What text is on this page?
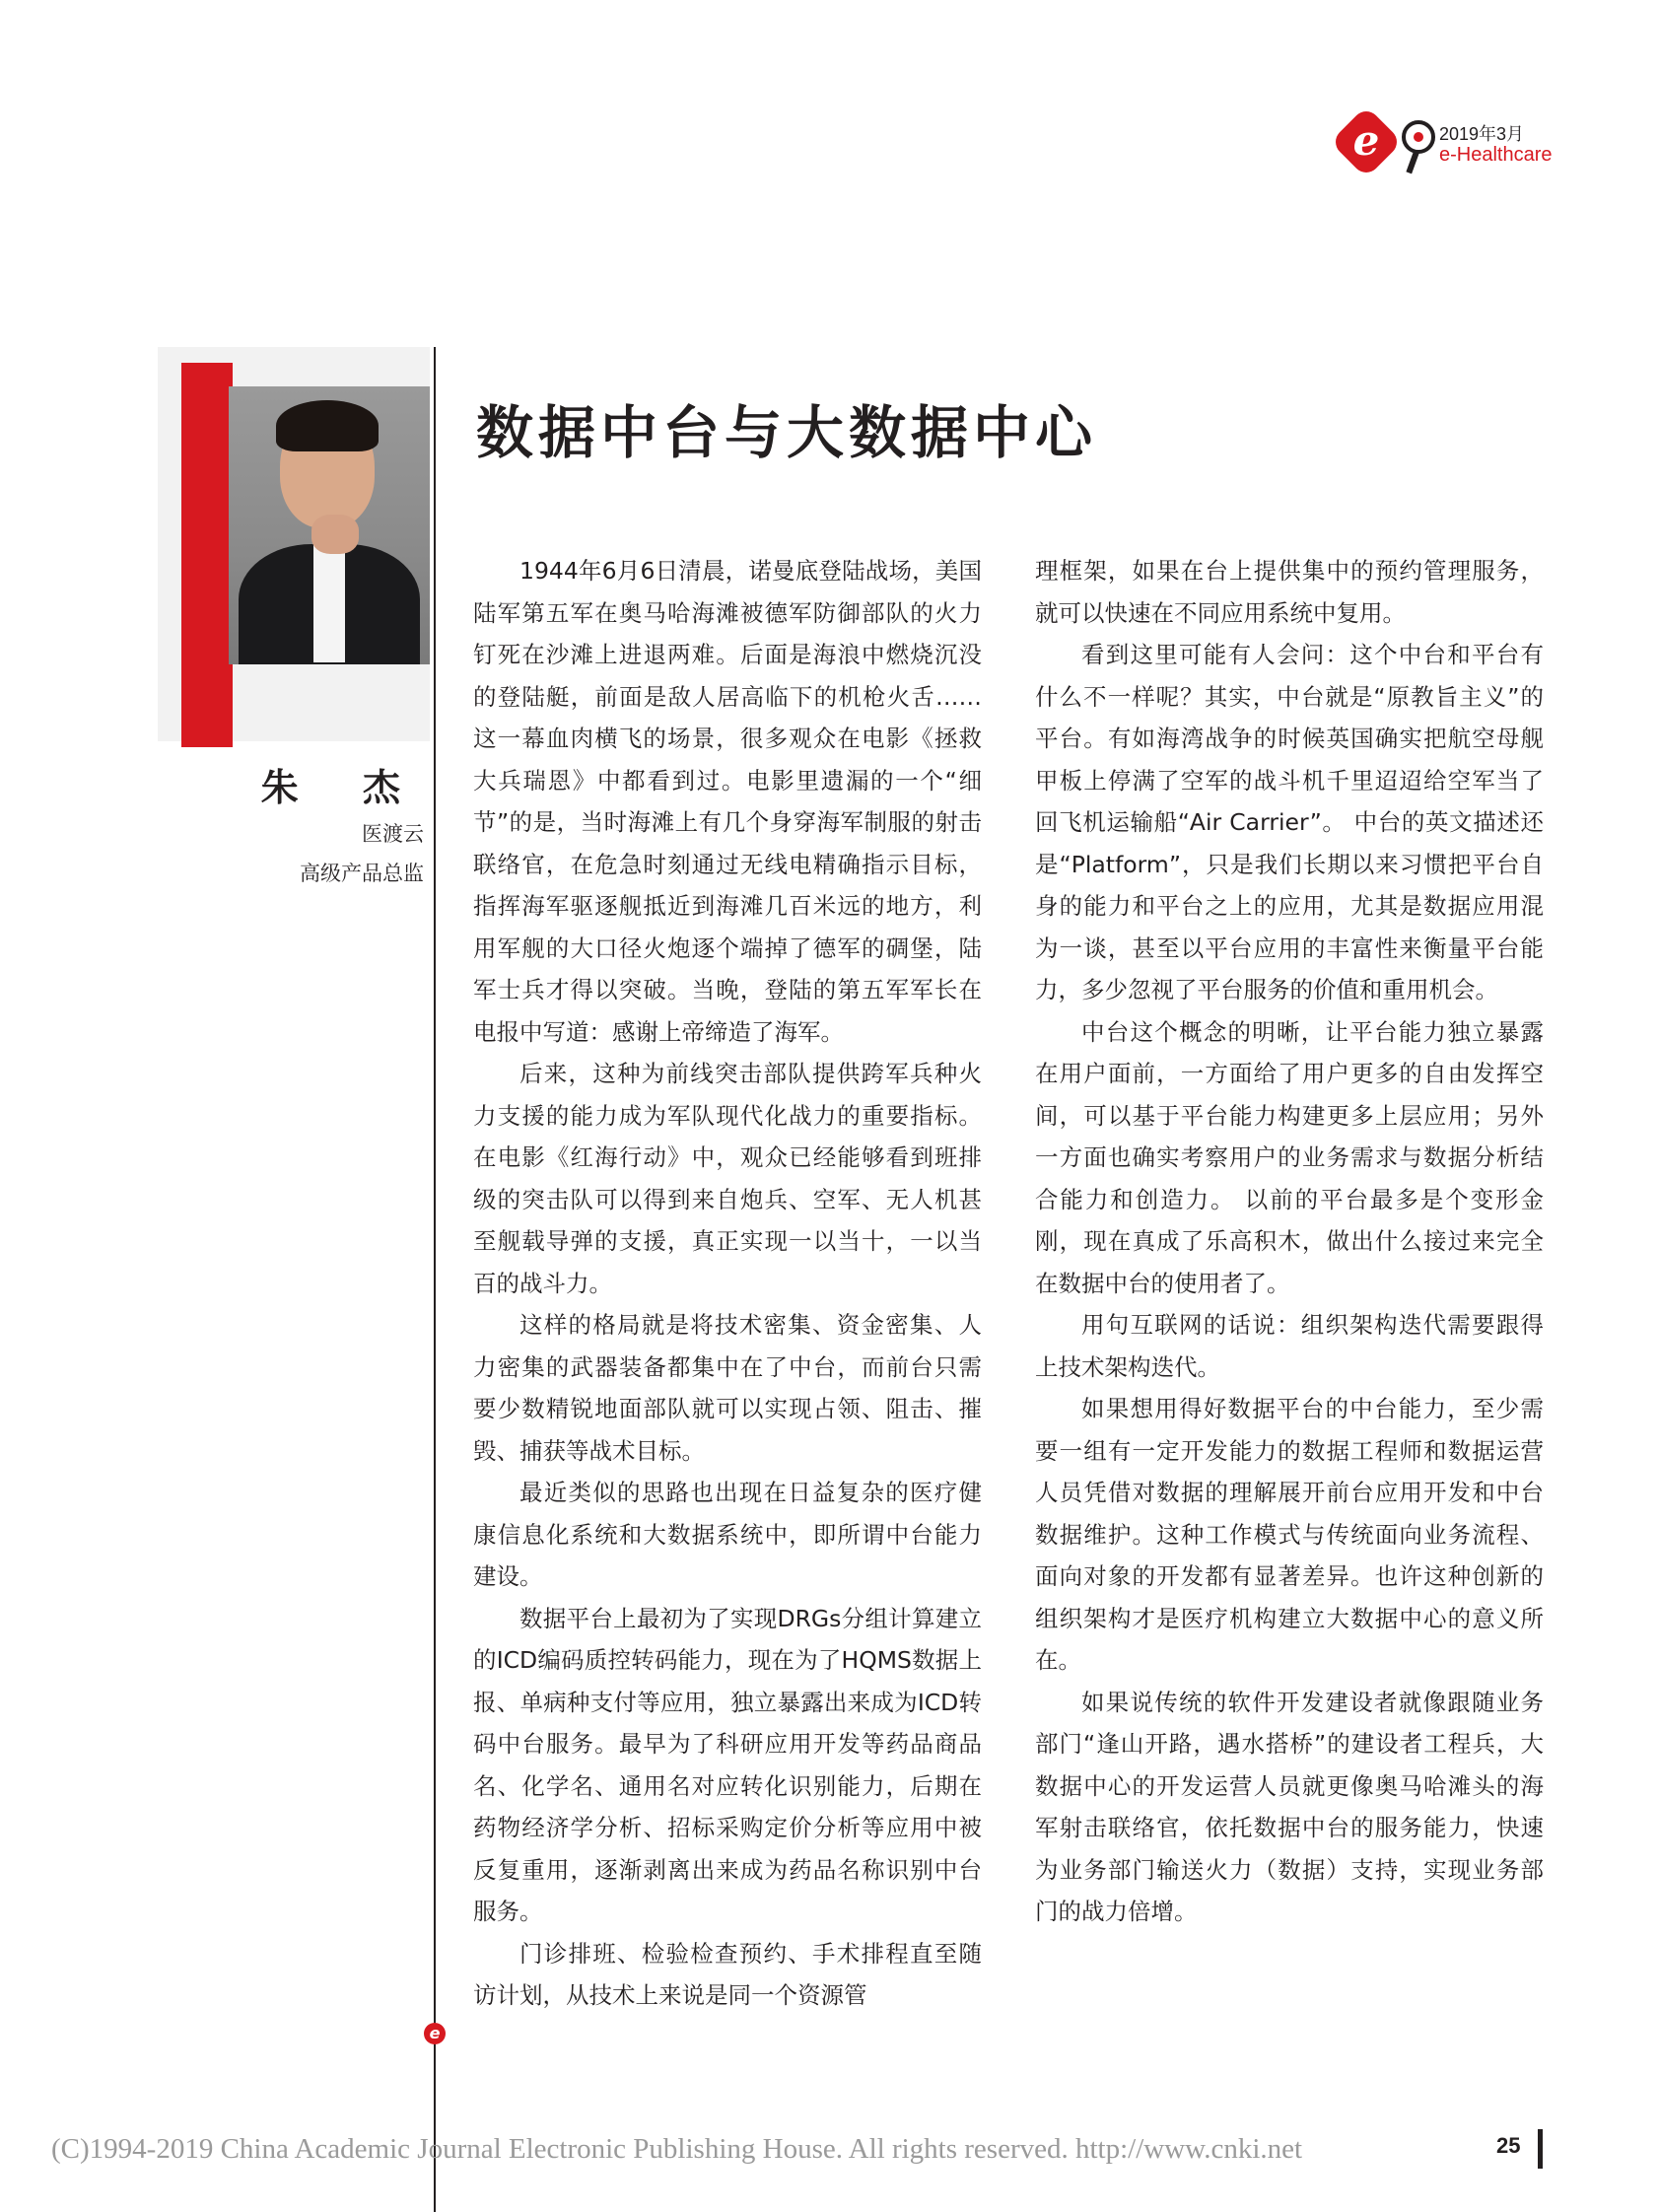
e	2019年3月
e-Healthcare
e
朱 杰
医渡云
高级产品总监
数据中台与大数据中心

1944年6月6日清晨，诺曼底登陆战场，美国陆军第五军在奥马哈海滩被德军防御部队的火力钉死在沙滩上进退两难。后面是海浪中燃烧沉没的登陆艇，前面是敌人居高临下的机枪火舌……这一幕血肉横飞的场景，很多观众在电影《拯救大兵瑞恩》中都看到过。电影里遗漏的一个“细节”的是，当时海滩上有几个身穿海军制服的射击联络官，在危急时刻通过无线电精确指示目标，指挥海军驱逐舰抵近到海滩几百米远的地方，利用军舰的大口径火炮逐个端掉了德军的碉堡，陆军士兵才得以突破。当晚，登陆的第五军军长在电报中写道：感谢上帝缔造了海军。

后来，这种为前线突击部队提供跨军兵种火力支援的能力成为军队现代化战力的重要指标。在电影《红海行动》中，观众已经能够看到班排级的突击队可以得到来自炮兵、空军、无人机甚至舰载导弹的支援，真正实现一以当十，一以当百的战斗力。

这样的格局就是将技术密集、资金密集、人力密集的武器装备都集中在了中台，而前台只需要少数精锐地面部队就可以实现占领、阻击、摧毁、捕获等战术目标。

最近类似的思路也出现在日益复杂的医疗健康信息化系统和大数据系统中，即所谓中台能力建设。

数据平台上最初为了实现DRGs分组计算建立的ICD编码质控转码能力，现在为了HQMS数据上报、单病种支付等应用，独立暴露出来成为ICD转码中台服务。最早为了科研应用开发等药品商品名、化学名、通用名对应转化识别能力，后期在药物经济学分析、招标采购定价分析等应用中被反复重用，逐渐剥离出来成为药品名称识别中台服务。

门诊排班、检验检查预约、手术排程直至随访计划，从技术上来说是同一个资源管

理框架，如果在台上提供集中的预约管理服务，就可以快速在不同应用系统中复用。

看到这里可能有人会问：这个中台和平台有什么不一样呢？其实，中台就是“原教旨主义”的平台。有如海湾战争的时候英国确实把航空母舰甲板上停满了空军的战斗机千里迢迢给空军当了回飞机运输船“Air Carrier”。 中台的英文描述还是“Platform”，只是我们长期以来习惯把平台自身的能力和平台之上的应用，尤其是数据应用混为一谈，甚至以平台应用的丰富性来衡量平台能力，多少忽视了平台服务的价值和重用机会。

中台这个概念的明晰，让平台能力独立暴露在用户面前，一方面给了用户更多的自由发挥空间，可以基于平台能力构建更多上层应用；另外一方面也确实考察用户的业务需求与数据分析结合能力和创造力。 以前的平台最多是个变形金刚，现在真成了乐高积木，做出什么接过来完全在数据中台的使用者了。

用句互联网的话说：组织架构迭代需要跟得上技术架构迭代。

如果想用得好数据平台的中台能力，至少需要一组有一定开发能力的数据工程师和数据运营人员凭借对数据的理解展开前台应用开发和中台数据维护。这种工作模式与传统面向业务流程、面向对象的开发都有显著差异。也许这种创新的组织架构才是医疗机构建立大数据中心的意义所在。

如果说传统的软件开发建设者就像跟随业务部门“逢山开路，遇水搭桥”的建设者工程兵，大数据中心的开发运营人员就更像奥马哈滩头的海军射击联络官，依托数据中台的服务能力，快速为业务部门输送火力（数据）支持，实现业务部门的战力倍增。

(C)1994-2019 China Academic Journal Electronic Publishing House. All rights reserved. http://www.cnki.net	25
